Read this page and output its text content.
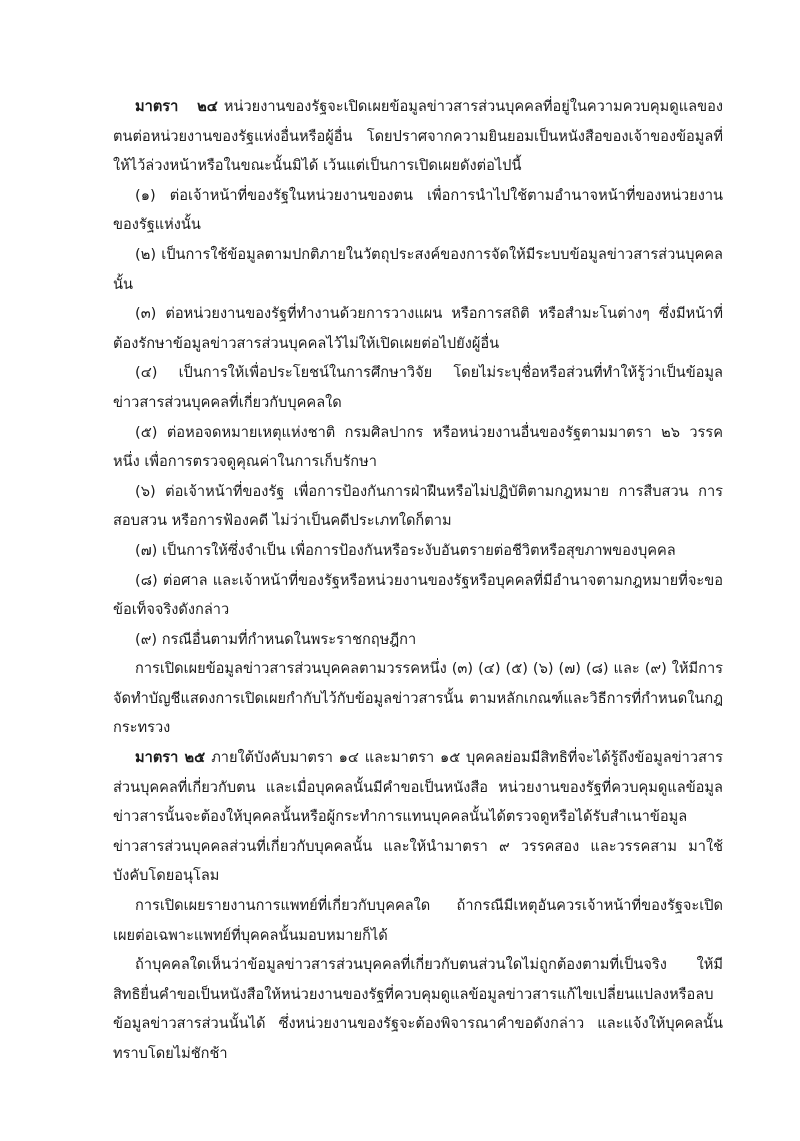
มาตรา ๒๔ หน่วยงานของรัฐจะเปิดเผยข้อมูลข่าวสารส่วนบุคคลที่อยู่ในความควบคุมดูแลของตนต่อหน่วยงานของรัฐแห่งอื่นหรือผู้อื่น โดยปราศจากความยินยอมเป็นหนังสือของเจ้าของข้อมูลที่ให้ไว้ล่วงหน้าหรือในขณะนั้นมิได้ เว้นแต่เป็นการเปิดเผยดังต่อไปนี้

(๑) ต่อเจ้าหน้าที่ของรัฐในหน่วยงานของตน เพื่อการนำไปใช้ตามอำนาจหน้าที่ของหน่วยงานของรัฐแห่งนั้น

(๒) เป็นการใช้ข้อมูลตามปกติภายในวัตถุประสงค์ของการจัดให้มีระบบข้อมูลข่าวสารส่วนบุคคลนั้น

(๓) ต่อหน่วยงานของรัฐที่ทำงานด้วยการวางแผน หรือการสถิติ หรือสำมะโนต่างๆ ซึ่งมีหน้าที่ต้องรักษาข้อมูลข่าวสารส่วนบุคคลไว้ไม่ให้เปิดเผยต่อไปยังผู้อื่น

(๔) เป็นการให้เพื่อประโยชน์ในการศึกษาวิจัย โดยไม่ระบุชื่อหรือส่วนที่ทำให้รู้ว่าเป็นข้อมูลข่าวสารส่วนบุคคลที่เกี่ยวกับบุคคลใด

(๕) ต่อหอจดหมายเหตุแห่งชาติ กรมศิลปากร หรือหน่วยงานอื่นของรัฐตามมาตรา ๒๖ วรรคหนึ่ง เพื่อการตรวจดูคุณค่าในการเก็บรักษา

(๖) ต่อเจ้าหน้าที่ของรัฐ เพื่อการป้องกันการฝ่าฝืนหรือไม่ปฏิบัติตามกฎหมาย การสืบสวน การสอบสวน หรือการฟ้องคดี ไม่ว่าเป็นคดีประเภทใดก็ตาม

(๗) เป็นการให้ซึ่งจำเป็น เพื่อการป้องกันหรือระงับอันตรายต่อชีวิตหรือสุขภาพของบุคคล

(๘) ต่อศาล และเจ้าหน้าที่ของรัฐหรือหน่วยงานของรัฐหรือบุคคลที่มีอำนาจตามกฎหมายที่จะขอข้อเท็จจริงดังกล่าว

(๙) กรณีอื่นตามที่กำหนดในพระราชกฤษฎีกา

การเปิดเผยข้อมูลข่าวสารส่วนบุคคลตามวรรคหนึ่ง (๓) (๔) (๕) (๖) (๗) (๘) และ (๙) ให้มีการจัดทำบัญชีแสดงการเปิดเผยกำกับไว้กับข้อมูลข่าวสารนั้น ตามหลักเกณฑ์และวิธีการที่กำหนดในกฎกระทรวง

มาตรา ๒๕ ภายใต้บังคับมาตรา ๑๔ และมาตรา ๑๕ บุคคลย่อมมีสิทธิที่จะได้รู้ถึงข้อมูลข่าวสารส่วนบุคคลที่เกี่ยวกับตน และเมื่อบุคคลนั้นมีคำขอเป็นหนังสือ หน่วยงานของรัฐที่ควบคุมดูแลข้อมูลข่าวสารนั้นจะต้องให้บุคคลนั้นหรือผู้กระทำการแทนบุคคลนั้นได้ตรวจดูหรือได้รับสำเนาข้อมูลข่าวสารส่วนบุคคลส่วนที่เกี่ยวกับบุคคลนั้น และให้นำมาตรา ๙ วรรคสอง และวรรคสาม มาใช้บังคับโดยอนุโลม

การเปิดเผยรายงานการแพทย์ที่เกี่ยวกับบุคคลใด ถ้ากรณีมีเหตุอันควรเจ้าหน้าที่ของรัฐจะเปิดเผยต่อเฉพาะแพทย์ที่บุคคลนั้นมอบหมายก็ได้

ถ้าบุคคลใดเห็นว่าข้อมูลข่าวสารส่วนบุคคลที่เกี่ยวกับตนส่วนใดไม่ถูกต้องตามที่เป็นจริง ให้มีสิทธิยื่นคำขอเป็นหนังสือให้หน่วยงานของรัฐที่ควบคุมดูแลข้อมูลข่าวสารแก้ไขเปลี่ยนแปลงหรือลบข้อมูลข่าวสารส่วนนั้นได้ ซึ่งหน่วยงานของรัฐจะต้องพิจารณาคำขอดังกล่าว และแจ้งให้บุคคลนั้นทราบโดยไม่ชักช้า
